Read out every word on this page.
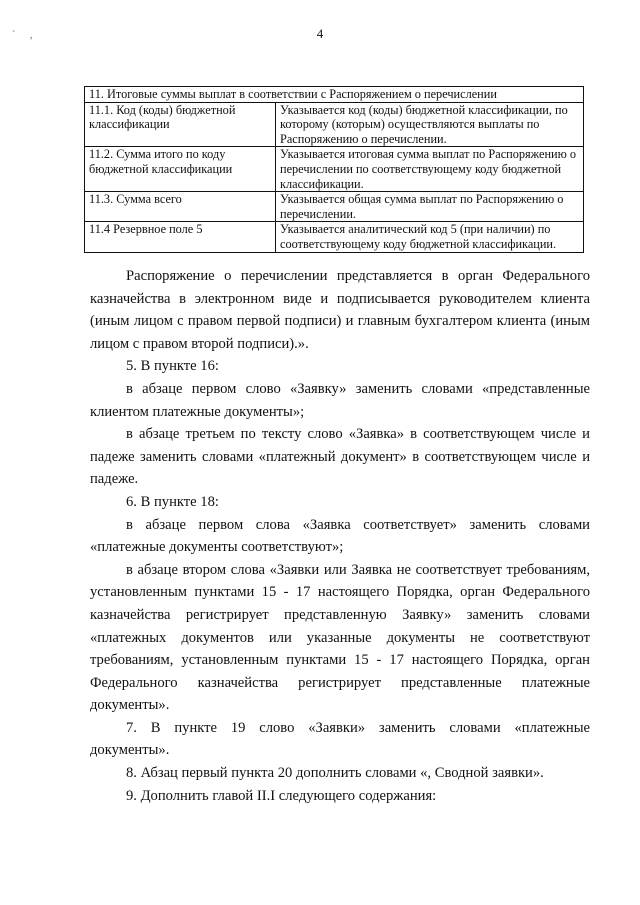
` ,	4
11. Итоговые суммы выплат в соответствии с Распоряжением о перечислении	
11.1. Код (коды) бюджетной классификации	Указывается код (коды) бюджетной классификации, по которому (которым) осуществляются выплаты по Распоряжению о перечислении.
11.2. Сумма итого по коду бюджетной классификации	Указывается итоговая сумма выплат по Распоряжению о перечислении по соответствующему коду бюджетной классификации.
11.3. Сумма всего	Указывается общая сумма выплат по Распоряжению о перечислении.
11.4 Резервное поле 5	Указывается аналитический код 5 (при наличии) по соответствующему коду бюджетной классификации.

Распоряжение о перечислении представляется в орган Федерального казначейства в электронном виде и подписывается руководителем клиента (иным лицом с правом первой подписи) и главным бухгалтером клиента (иным лицом с правом второй подписи).».

5. В пункте 16:

в абзаце первом слово «Заявку» заменить словами «представленные клиентом платежные документы»;

в абзаце третьем по тексту слово «Заявка» в соответствующем числе и падеже заменить словами «платежный документ» в соответствующем числе и падеже.

6. В пункте 18:

в абзаце первом слова «Заявка соответствует» заменить словами «платежные документы соответствуют»;

в абзаце втором слова «Заявки или Заявка не соответствует требованиям, установленным пунктами 15 - 17 настоящего Порядка, орган Федерального казначейства регистрирует представленную Заявку» заменить словами «платежных документов или указанные документы не соответствуют требованиям, установленным пунктами 15 - 17 настоящего Порядка, орган Федерального казначейства регистрирует представленные платежные документы».

7. В пункте 19 слово «Заявки» заменить словами «платежные документы».

8. Абзац первый пункта 20 дополнить словами «, Сводной заявки».

9. Дополнить главой II.I следующего содержания:
